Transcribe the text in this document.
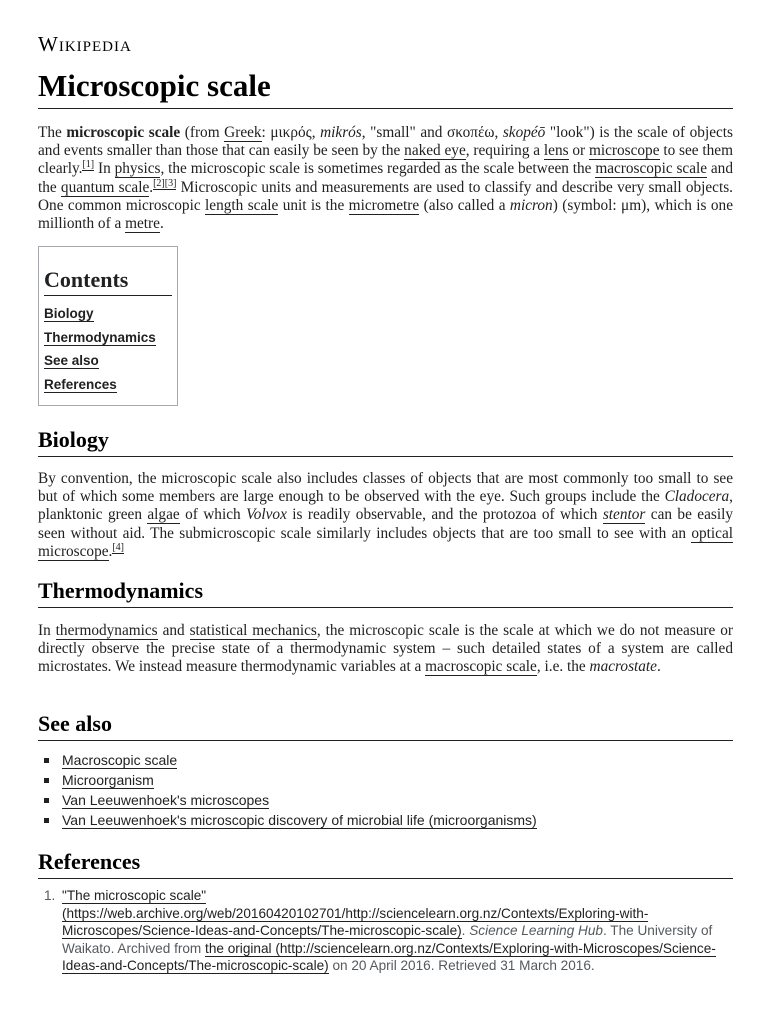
Wikipedia
Microscopic scale

The microscopic scale (from Greek: μικρός, mikrós, "small" and σκοπέω, skopéō "look") is the scale of objects and events smaller than those that can easily be seen by the naked eye, requiring a lens or microscope to see them clearly.[1] In physics, the microscopic scale is sometimes regarded as the scale between the macroscopic scale and the quantum scale.[2][3] Microscopic units and measurements are used to classify and describe very small objects. One common microscopic length scale unit is the micrometre (also called a micron) (symbol: μm), which is one millionth of a metre.

Contents
Biology
Thermodynamics
See also
References
Biology

By convention, the microscopic scale also includes classes of objects that are most commonly too small to see but of which some members are large enough to be observed with the eye. Such groups include the Cladocera, planktonic green algae of which Volvox is readily observable, and the protozoa of which stentor can be easily seen without aid. The submicroscopic scale similarly includes objects that are too small to see with an optical microscope.[4]

Thermodynamics

In thermodynamics and statistical mechanics, the microscopic scale is the scale at which we do not measure or directly observe the precise state of a thermodynamic system – such detailed states of a system are called microstates. We instead measure thermodynamic variables at a macroscopic scale, i.e. the macrostate.

See also
Macroscopic scale
Microorganism
Van Leeuwenhoek's microscopes
Van Leeuwenhoek's microscopic discovery of microbial life (microorganisms)
References
1. "The microscopic scale" (https://web.archive.org/web/20160420102701/http://sciencelearn.org.nz/Contexts/Exploring-with-Microscopes/Science-Ideas-and-Concepts/The-microscopic-scale). Science Learning Hub. The University of Waikato. Archived from the original (http://sciencelearn.org.nz/Contexts/Exploring-with-Microscopes/Science-Ideas-and-Concepts/The-microscopic-scale) on 20 April 2016. Retrieved 31 March 2016.
